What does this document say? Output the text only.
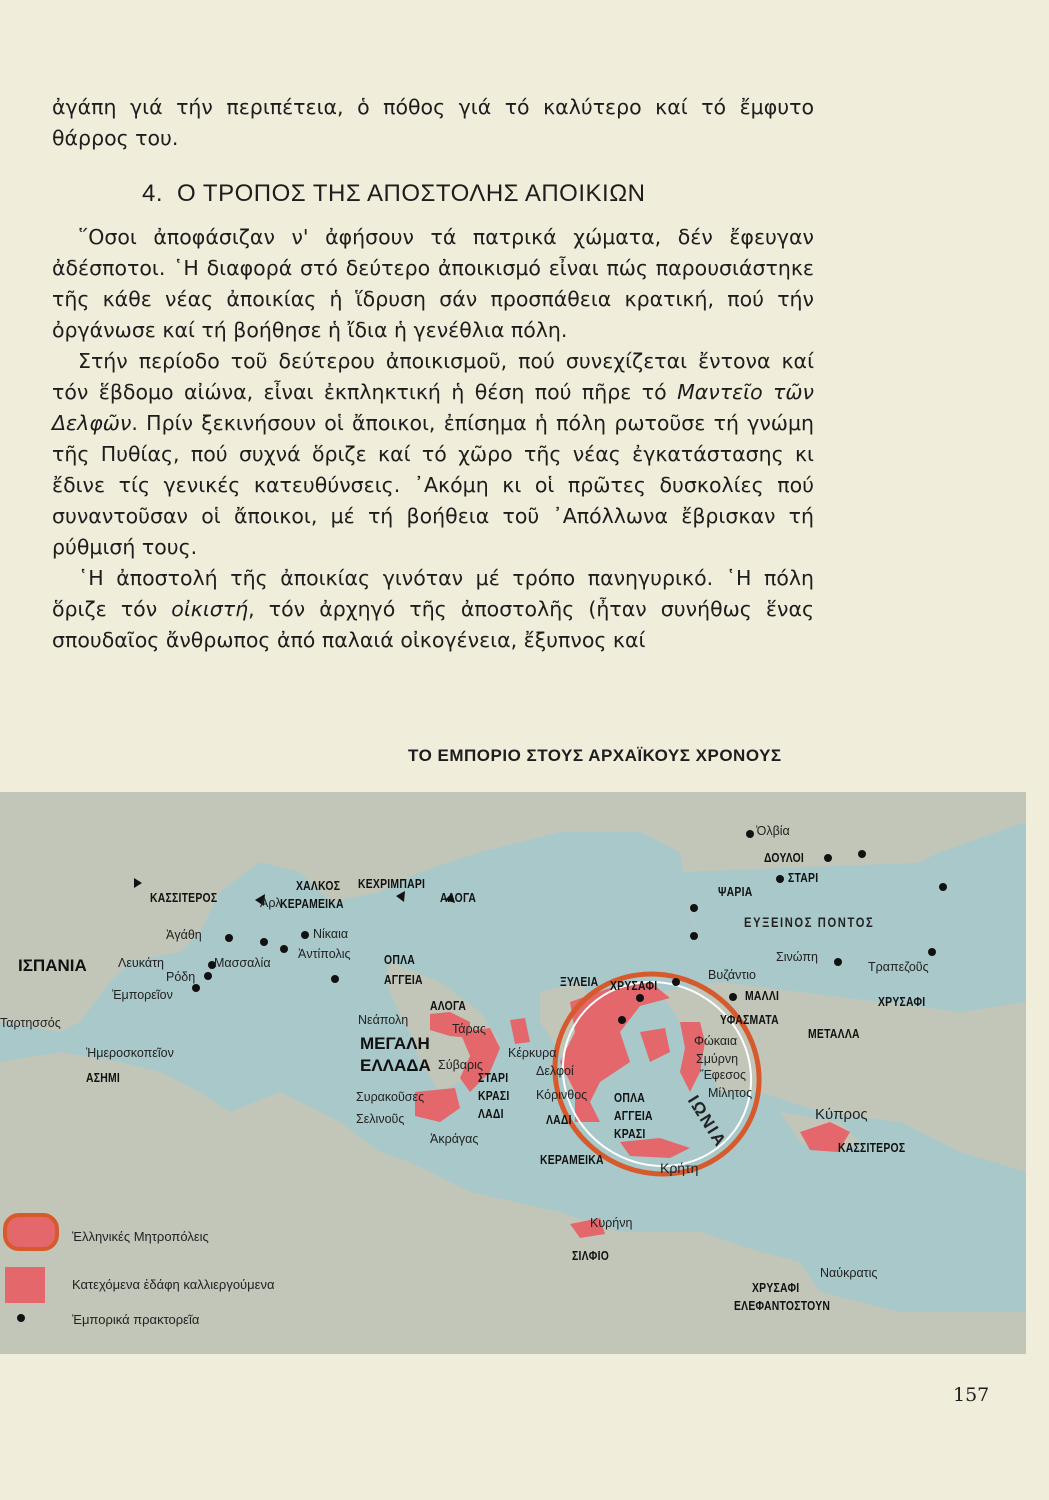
ἀγάπη γιά τήν περιπέτεια, ὁ πόθος γιά τό καλύτερο καί τό ἔμφυτο θάρρος του.

4. Ο ΤΡΟΠΟΣ ΤΗΣ ΑΠΟΣΤΟΛΗΣ ΑΠΟΙΚΙΩΝ

῞Οσοι ἀποφάσιζαν ν' ἀφήσουν τά πατρικά χώματα, δέν ἔφευγαν ἀδέσποτοι. ῾Η διαφορά στό δεύτερο ἀποικισμό εἶναι πώς παρουσιάστηκε τῆς κάθε νέας ἀποικίας ἡ ἵδρυση σάν προσπάθεια κρατική, πού τήν ὀργάνωσε καί τή βοήθησε ἡ ἴδια ἡ γενέθλια πόλη.

Στήν περίοδο τοῦ δεύτερου ἀποικισμοῦ, πού συνεχίζεται ἔντονα καί τόν ἕβδομο αἰώνα, εἶναι ἐκπληκτική ἡ θέση πού πῆρε τό Μαντεῖο τῶν Δελφῶν. Πρίν ξεκινήσουν οἱ ἄποικοι, ἐπίσημα ἡ πόλη ρωτοῦσε τή γνώμη τῆς Πυθίας, πού συχνά ὅριζε καί τό χῶρο τῆς νέας ἐγκατάστασης κι ἔδινε τίς γενικές κατευθύνσεις. ᾿Ακόμη κι οἱ πρῶτες δυσκολίες πού συναντοῦσαν οἱ ἄποικοι, μέ τή βοήθεια τοῦ ᾿Απόλλωνα ἔβρισκαν τή ρύθμισή τους.

῾Η ἀποστολή τῆς ἀποικίας γινόταν μέ τρόπο πανηγυρικό. ῾Η πόλη ὅριζε τόν οἰκιστή, τόν ἀρχηγό τῆς ἀποστολῆς (ἦταν συνήθως ἕνας σπουδαῖος ἄνθρωπος ἀπό παλαιά οἰκογένεια, ἔξυπνος καί

ΤΟ ΕΜΠΟΡΙΟ ΣΤΟΥΣ ΑΡΧΑΪΚΟΥΣ ΧΡΟΝΟΥΣ
ΙΣΠΑΝΙΑ
ΜΕΓΑΛΗ
ΕΛΛΑΔΑ
ΙΩΝΙΑ
ΕΥΞΕΙΝΟΣ ΠΟΝΤΟΣ
Ὀλβία
Ἀγάθη
Ἀρλ
Νίκαια
Ἀντίπολις
Λευκάτη	Μασσαλία
Ρόδη
Ἐμπορεῖον
Ταρτησσός
Ἡμεροσκοπεῖον
Νεάπολη
Τάρας
Σύβαρις
Συρακοῦσες
Σελινοῦς
Ἀκράγας
Κέρκυρα
Δελφοί
Κόρινθος
Βυζάντιο
Σινώπη
Τραπεζοῦς
Φώκαια
Σμύρνη
Ἔφεσος
Μίλητος
Κύπρος
Κρήτη
Κυρήνη
Ναύκρατις
ΔΟΥΛΟΙ
ΣΤΑΡΙ
ΨΑΡΙΑ
ΚΑΣΣΙΤΕΡΟΣ
ΧΑΛΚΟΣ
ΚΕΡΑΜΕΙΚΑ
ΚΕΧΡΙΜΠΑΡΙ
ΑΛΟΓΑ
ΟΠΛΑ
ΑΓΓΕΙΑ
ΑΣΗΜΙ
ΞΥΛΕΙΑ ΧΡΥΣΑΦΙ
ΜΑΛΛΙ
ΥΦΑΣΜΑΤΑ
ΜΕΤΑΛΛΑ
ΧΡΥΣΑΦΙ
ΑΛΟΓΑ
ΣΤΑΡΙ
ΚΡΑΣΙ
ΛΑΔΙ	ΛΑΔΙ
ΟΠΛΑ
ΑΓΓΕΙΑ
ΚΡΑΣΙ
ΚΕΡΑΜΕΙΚΑ
ΚΑΣΣΙΤΕΡΟΣ
ΣΙΛΦΙΟ
ΧΡΥΣΑΦΙ
ΕΛΕΦΑΝΤΟΣΤΟΥΝ
Ἑλληνικές Μητροπόλεις
Κατεχόμενα ἐδάφη καλλιεργούμενα
Ἐμπορικά πρακτορεῖα
157
